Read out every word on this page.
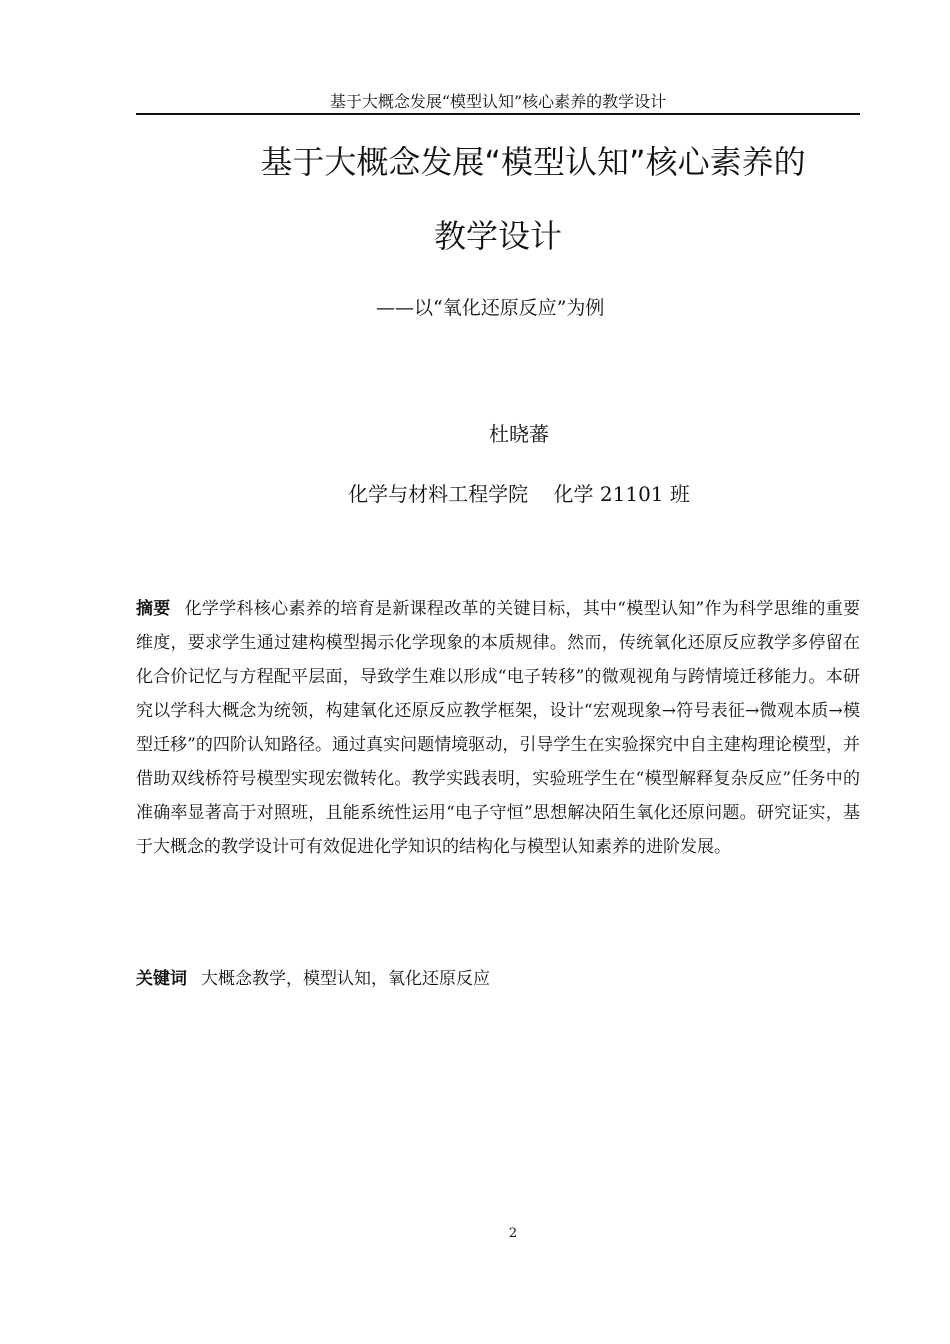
基于大概念发展“模型认知”核心素养的教学设计
基于大概念发展“模型认知”核心素养的
教学设计
——以“氧化还原反应”为例
杜晓蕃
化学与材料工程学院 化学 21101 班
摘要 化学学科核心素养的培育是新课程改革的关键目标，其中“模型认知”作为科学思维的重要维度，要求学生通过建构模型揭示化学现象的本质规律。然而，传统氧化还原反应教学多停留在化合价记忆与方程配平层面，导致学生难以形成“电子转移”的微观视角与跨情境迁移能力。本研究以学科大概念为统领，构建氧化还原反应教学框架，设计“宏观现象→符号表征→微观本质→模型迁移”的四阶认知路径。通过真实问题情境驱动，引导学生在实验探究中自主建构理论模型，并借助双线桥符号模型实现宏微转化。教学实践表明，实验班学生在“模型解释复杂反应”任务中的准确率显著高于对照班，且能系统性运用“电子守恒”思想解决陌生氧化还原问题。研究证实，基于大概念的教学设计可有效促进化学知识的结构化与模型认知素养的进阶发展。
关键词 大概念教学，模型认知，氧化还原反应
2
